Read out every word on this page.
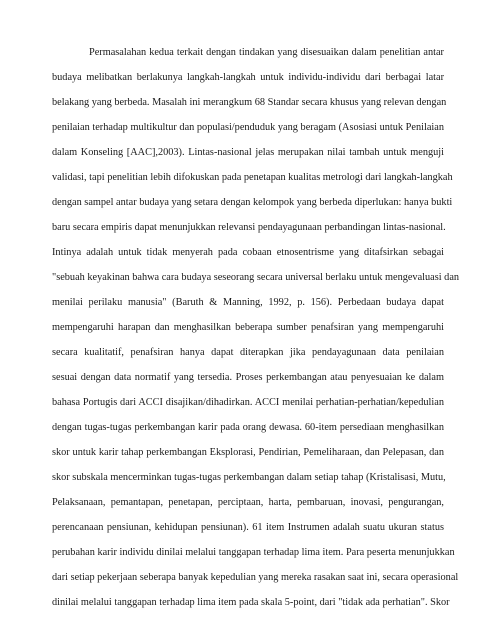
Permasalahan kedua terkait dengan tindakan yang disesuaikan dalam penelitian antar
budaya melibatkan berlakunya langkah-langkah untuk individu-individu dari berbagai latar
belakang yang berbeda. Masalah ini merangkum 68 Standar secara khusus yang relevan dengan
penilaian terhadap multikultur dan populasi/penduduk yang beragam (Asosiasi untuk Penilaian
dalam Konseling [AAC],2003). Lintas-nasional jelas merupakan nilai tambah untuk menguji
validasi, tapi penelitian lebih difokuskan pada penetapan kualitas metrologi dari langkah-langkah
dengan sampel antar budaya yang setara dengan kelompok yang berbeda diperlukan: hanya bukti
baru secara empiris dapat menunjukkan relevansi pendayagunaan perbandingan lintas-nasional.
Intinya adalah untuk tidak menyerah pada cobaan etnosentrisme yang ditafsirkan sebagai
"sebuah keyakinan bahwa cara budaya seseorang secara universal berlaku untuk mengevaluasi dan
menilai perilaku manusia" (Baruth & Manning, 1992, p. 156). Perbedaan budaya dapat
mempengaruhi harapan dan menghasilkan beberapa sumber penafsiran yang mempengaruhi
secara kualitatif, penafsiran hanya dapat diterapkan jika pendayagunaan data penilaian
sesuai dengan data normatif yang tersedia. Proses perkembangan atau penyesuaian ke dalam
bahasa Portugis dari ACCI disajikan/dihadirkan. ACCI menilai perhatian-perhatian/kepedulian
dengan tugas-tugas perkembangan karir pada orang dewasa. 60-item persediaan menghasilkan
skor untuk karir tahap perkembangan Eksplorasi, Pendirian, Pemeliharaan, dan Pelepasan, dan
skor subskala mencerminkan tugas-tugas perkembangan dalam setiap tahap (Kristalisasi, Mutu,
Pelaksanaan, pemantapan, penetapan, perciptaan, harta, pembaruan, inovasi, pengurangan,
perencanaan pensiunan, kehidupan pensiunan). 61 item Instrumen adalah suatu ukuran status
perubahan karir individu dinilai melalui tanggapan terhadap lima item. Para peserta menunjukkan
dari setiap pekerjaan seberapa banyak kepedulian yang mereka rasakan saat ini, secara operasional
dinilai melalui tanggapan terhadap lima item pada skala 5-point, dari "tidak ada perhatian". Skor
